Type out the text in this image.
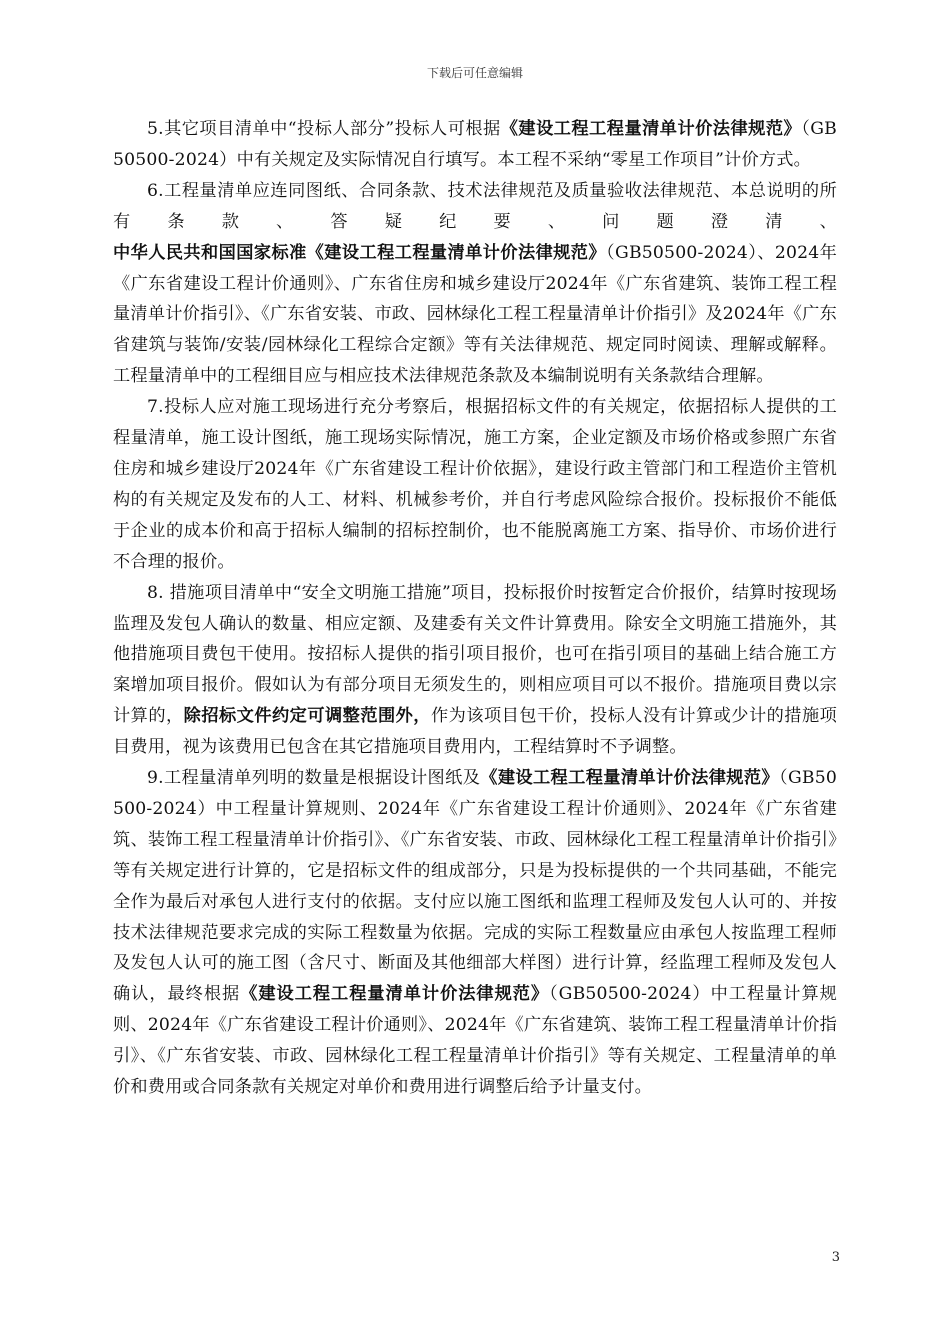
下载后可任意编辑

5.其它项目清单中“投标人部分”投标人可根据《建设工程工程量清单计价法律规范》（GB50500-2024）中有关规定及实际情况自行填写。本工程不采纳“零星工作项目”计价方式。

6.工程量清单应连同图纸、合同条款、技术法律规范及质量验收法律规范、本总说明的所有条款、答疑纪要、问题澄清、中华人民共和国国家标准《建设工程工程量清单计价法律规范》（GB50500-2024）、2024年《广东省建设工程计价通则》、广东省住房和城乡建设厅2024年《广东省建筑、装饰工程工程量清单计价指引》、《广东省安装、市政、园林绿化工程工程量清单计价指引》及2024年《广东省建筑与装饰/安装/园林绿化工程综合定额》等有关法律规范、规定同时阅读、理解或解释。工程量清单中的工程细目应与相应技术法律规范条款及本编制说明有关条款结合理解。

7.投标人应对施工现场进行充分考察后，根据招标文件的有关规定，依据招标人提供的工程量清单，施工设计图纸，施工现场实际情况，施工方案，企业定额及市场价格或参照广东省住房和城乡建设厅2024年《广东省建设工程计价依据》，建设行政主管部门和工程造价主管机构的有关规定及发布的人工、材料、机械参考价，并自行考虑风险综合报价。投标报价不能低于企业的成本价和高于招标人编制的招标控制价，也不能脱离施工方案、指导价、市场价进行不合理的报价。

8. 措施项目清单中“安全文明施工措施”项目，投标报价时按暂定合价报价，结算时按现场监理及发包人确认的数量、相应定额、及建委有关文件计算费用。除安全文明施工措施外，其他措施项目费包干使用。按招标人提供的指引项目报价，也可在指引项目的基础上结合施工方案增加项目报价。假如认为有部分项目无须发生的，则相应项目可以不报价。措施项目费以宗计算的，除招标文件约定可调整范围外，作为该项目包干价，投标人没有计算或少计的措施项目费用，视为该费用已包含在其它措施项目费用内，工程结算时不予调整。

9.工程量清单列明的数量是根据设计图纸及《建设工程工程量清单计价法律规范》（GB50500-2024）中工程量计算规则、2024年《广东省建设工程计价通则》、2024年《广东省建筑、装饰工程工程量清单计价指引》、《广东省安装、市政、园林绿化工程工程量清单计价指引》等有关规定进行计算的，它是招标文件的组成部分，只是为投标提供的一个共同基础，不能完全作为最后对承包人进行支付的依据。支付应以施工图纸和监理工程师及发包人认可的、并按技术法律规范要求完成的实际工程数量为依据。完成的实际工程数量应由承包人按监理工程师及发包人认可的施工图（含尺寸、断面及其他细部大样图）进行计算，经监理工程师及发包人确认，最终根据《建设工程工程量清单计价法律规范》（GB50500-2024）中工程量计算规则、2024年《广东省建设工程计价通则》、2024年《广东省建筑、装饰工程工程量清单计价指引》、《广东省安装、市政、园林绿化工程工程量清单计价指引》等有关规定、工程量清单的单价和费用或合同条款有关规定对单价和费用进行调整后给予计量支付。

3
